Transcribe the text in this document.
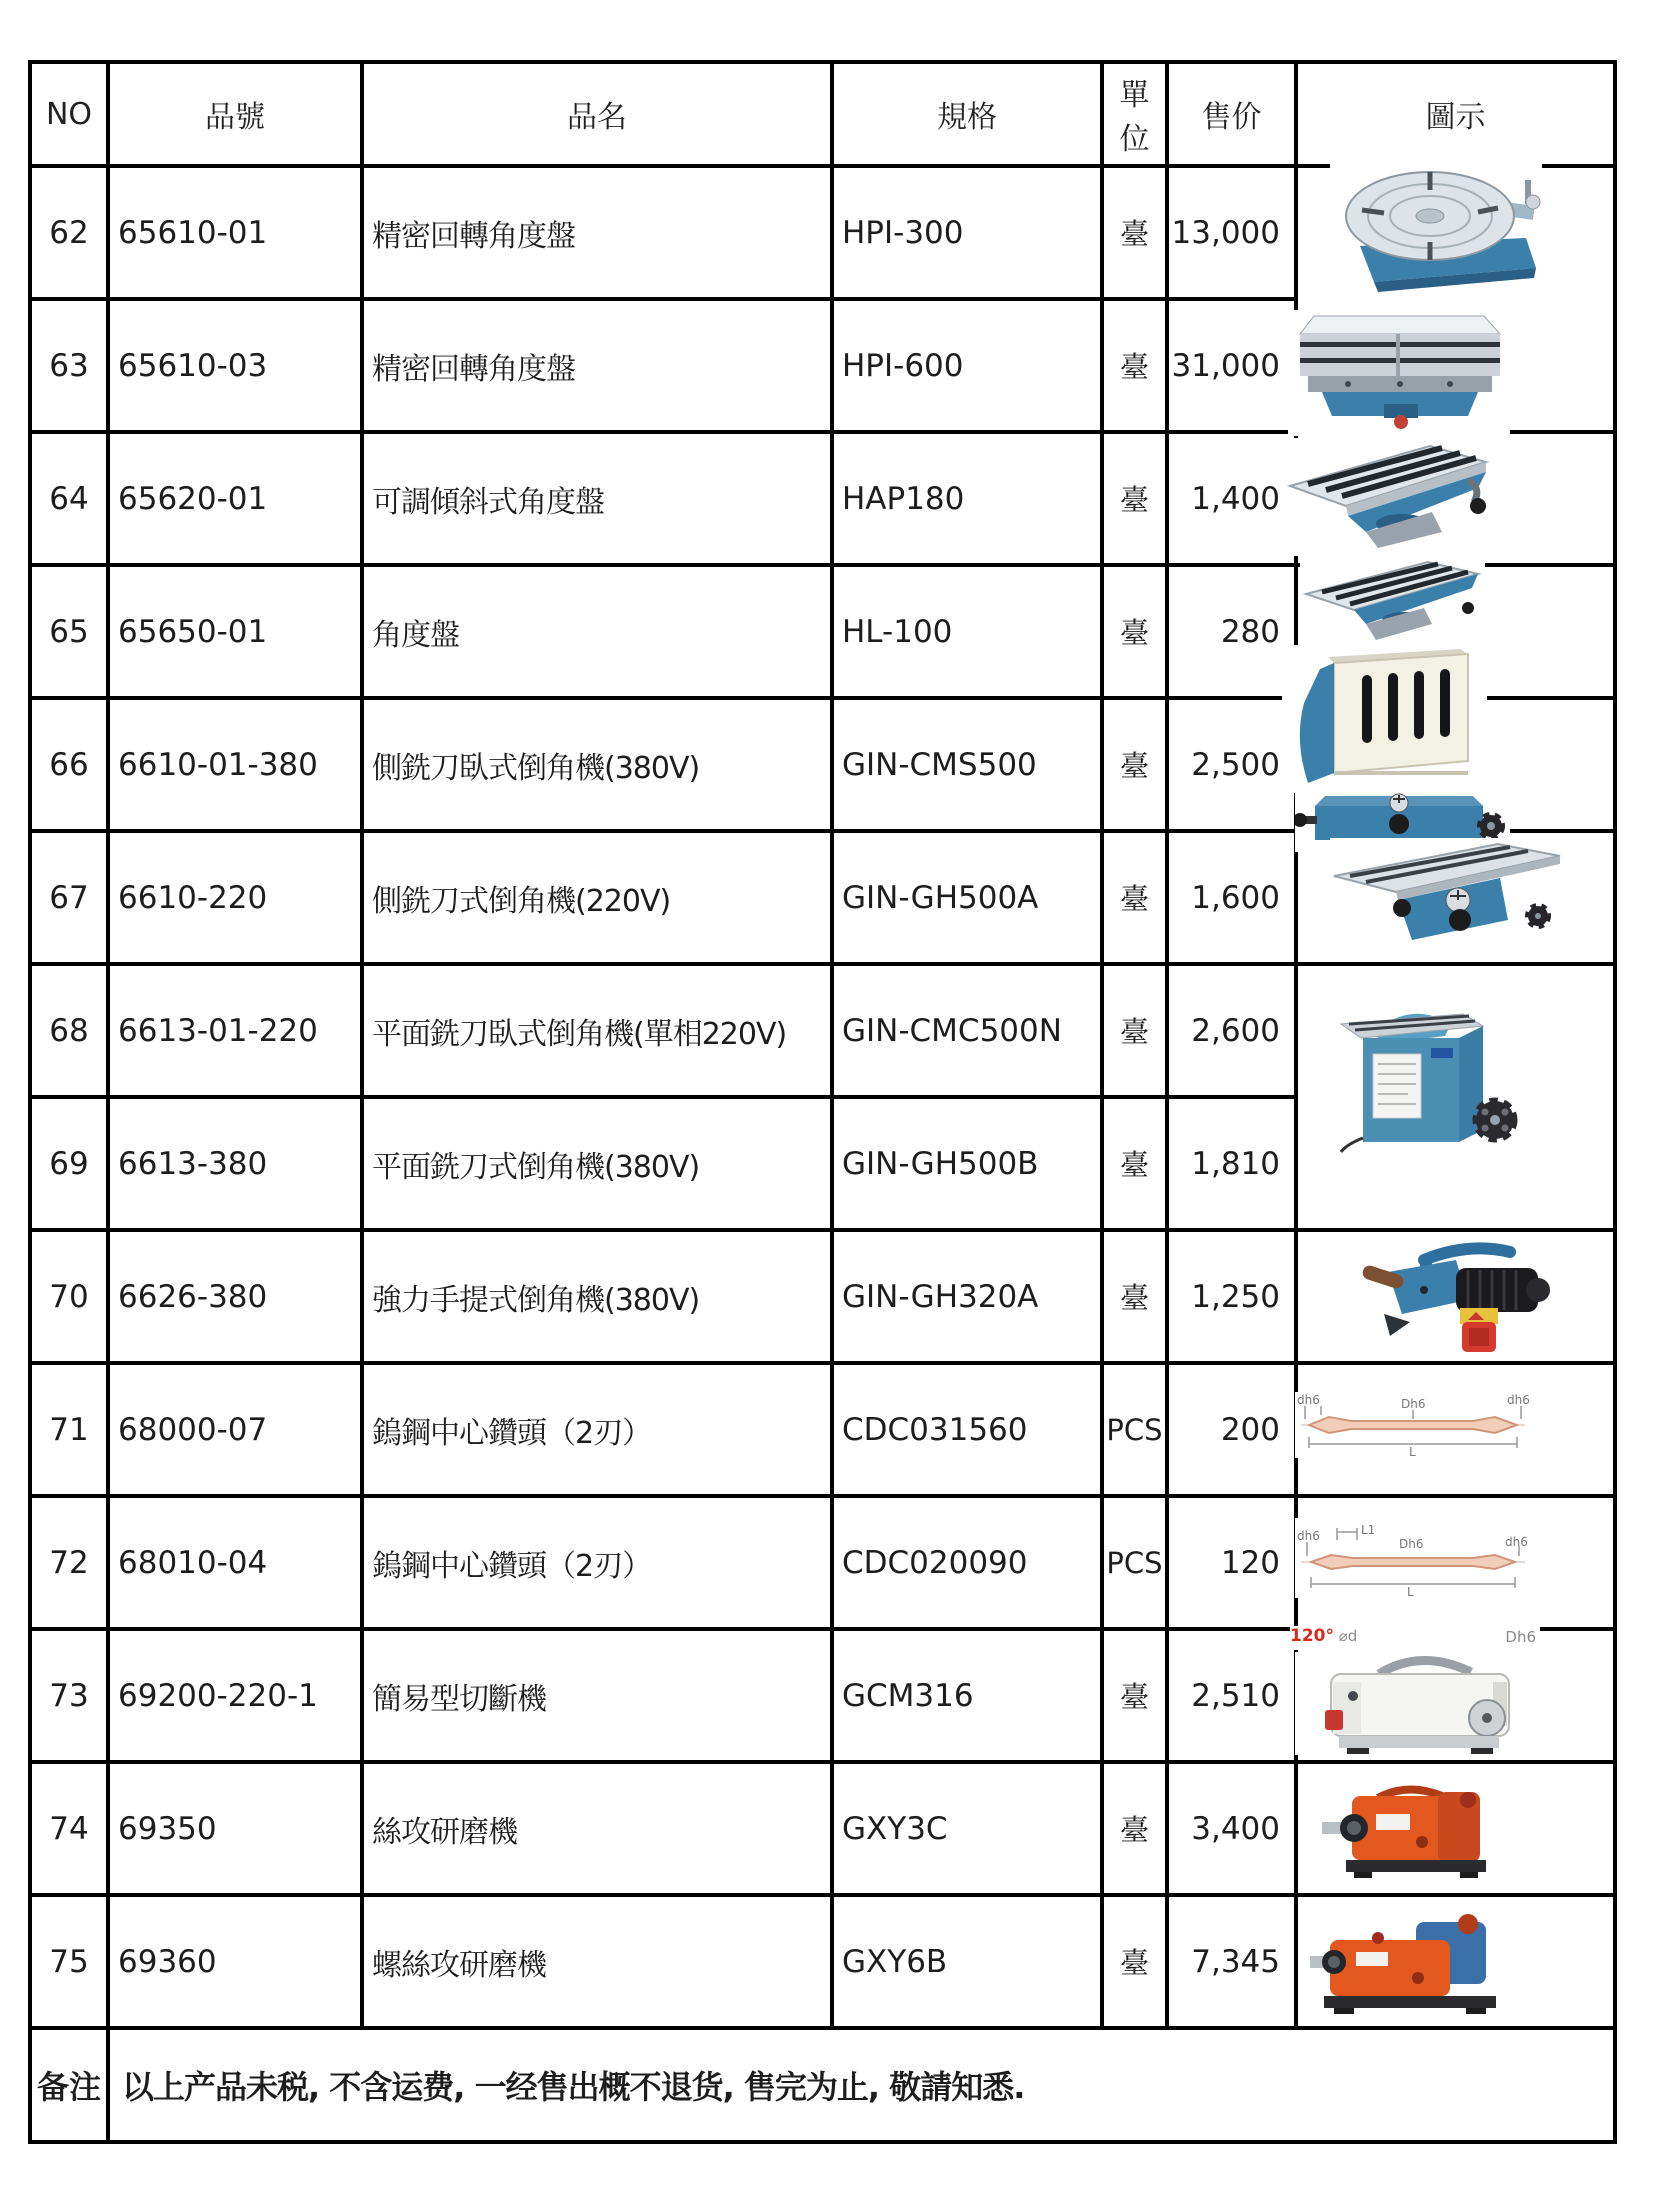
NO	品號	品名	規格	單位	售价	圖示
62	65610-01	精密回轉角度盤	HPI-300	臺	13,000	
63	65610-03	精密回轉角度盤	HPI-600	臺	31,000	
64	65620-01	可調傾斜式角度盤	HAP180	臺	1,400	
65	65650-01	角度盤	HL-100	臺	280	
66	6610-01-380	側銑刀臥式倒角機(380V)	GIN-CMS500	臺	2,500	
67	6610-220	側銑刀式倒角機(220V)	GIN-GH500A	臺	1,600	
68	6613-01-220	平面銑刀臥式倒角機(單相220V)	GIN-CMC500N	臺	2,600	
69	6613-380	平面銑刀式倒角機(380V)	GIN-GH500B	臺	1,810	
70	6626-380	強力手提式倒角機(380V)	GIN-GH320A	臺	1,250	
71	68000-07	鎢鋼中心鑽頭（2刃）	CDC031560	PCS	200	
72	68010-04	鎢鋼中心鑽頭（2刃）	CDC020090	PCS	120	
73	69200-220-1	簡易型切斷機	GCM316	臺	2,510	
74	69350	絲攻研磨機	GXY3C	臺	3,400	
75	69360	螺絲攻研磨機	GXY6B	臺	7,345	
备注	以上产品未税, 不含运费, 一经售出概不退货, 售完为止, 敬請知悉.					
dh6	dh6
Dh6
L
L1
dh6	dh6
Dh6
L
120° ⌀d	Dh6
